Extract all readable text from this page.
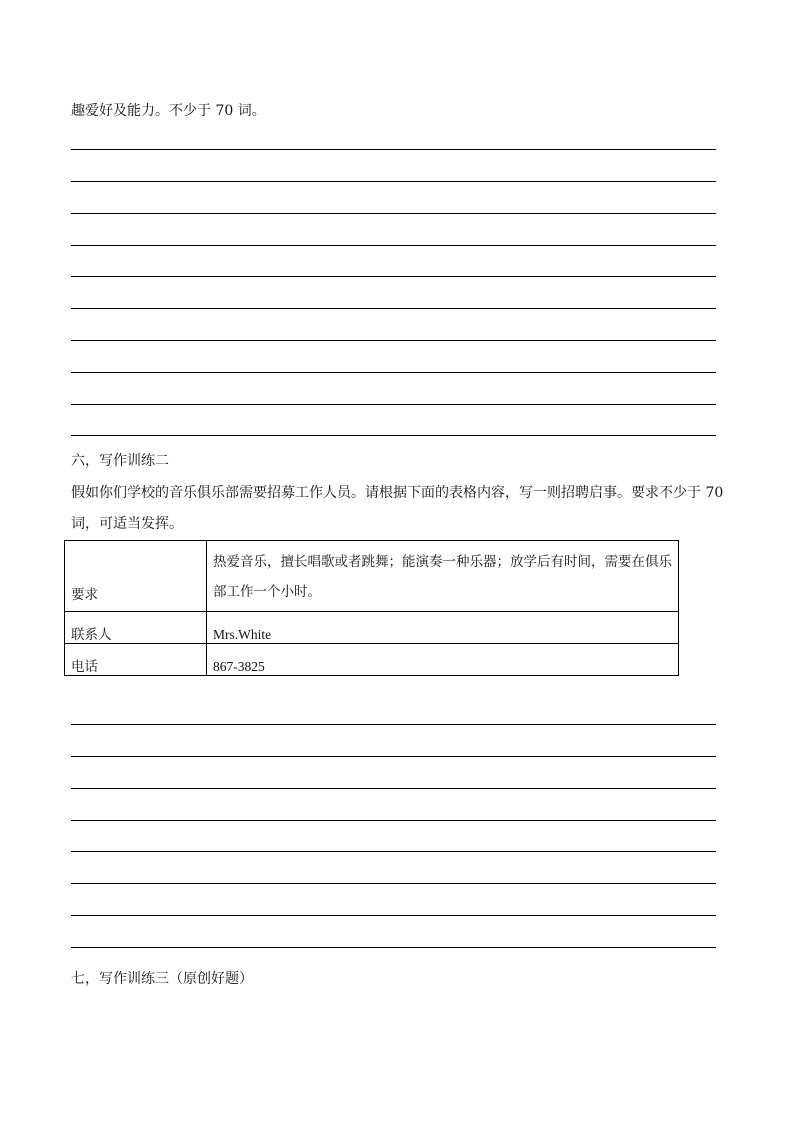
趣爱好及能力。不少于 70 词。
六，写作训练二
假如你们学校的音乐俱乐部需要招募工作人员。请根据下面的表格内容，写一则招聘启事。要求不少于 70
词，可适当发挥。
要求	热爱音乐，擅长唱歌或者跳舞；能演奏一种乐器；放学后有时间，需要在俱乐部工作一个小时。
联系人	Mrs.White
电话	867-3825
七，写作训练三（原创好题）
